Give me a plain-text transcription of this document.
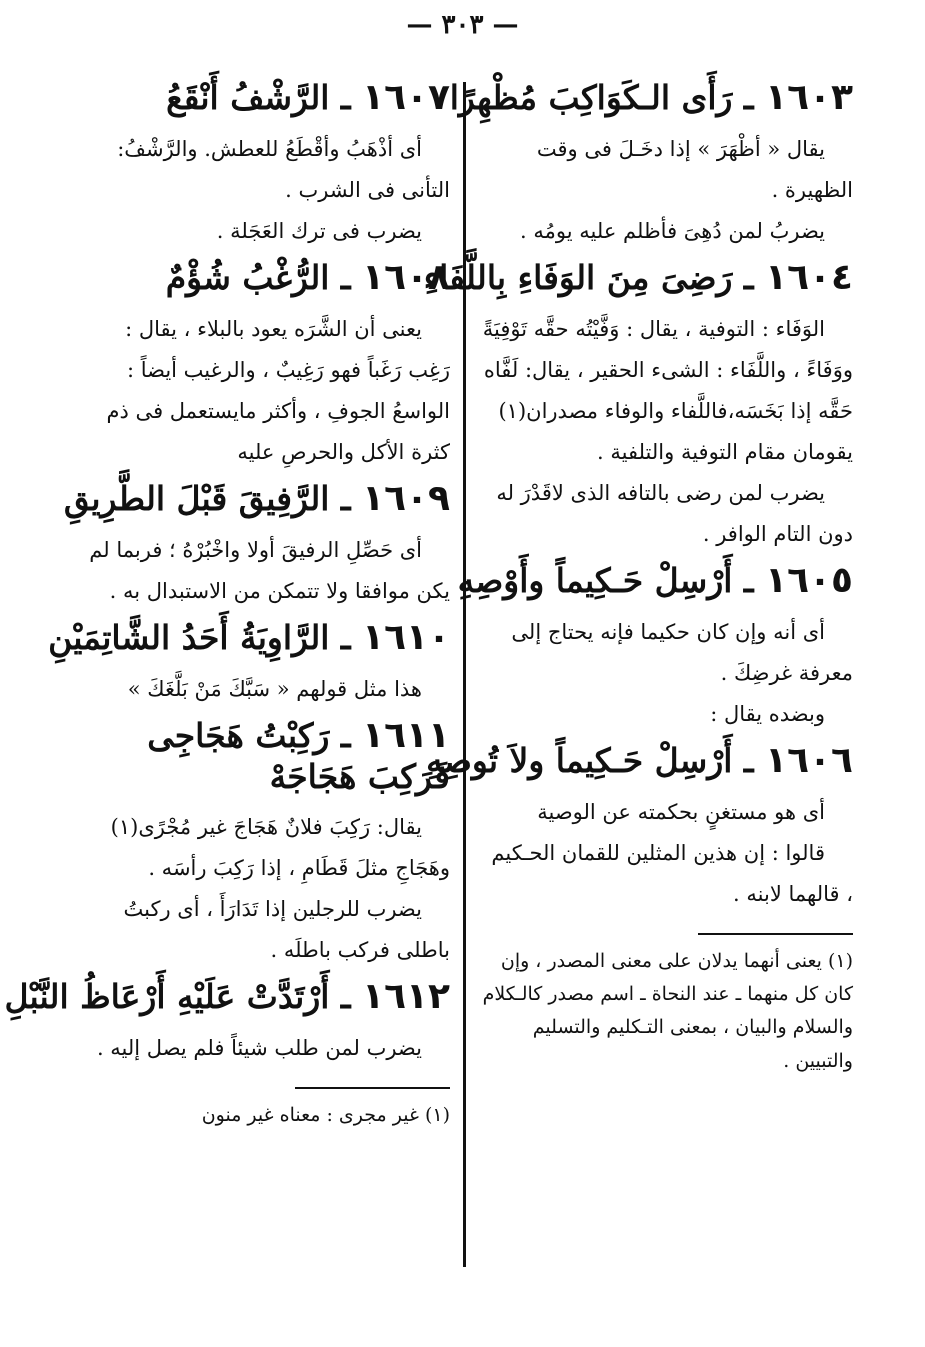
— ٣٠٣ —
١٦٠٣ ـ رَأَى الـكَوَاكِبَ مُظْهِرًا

يقال « أظْهَرَ » إذا دخَـلَ فى وقت الظهيرة .

يضربُ لمن دُهِىَ فأظلم عليه يومُه .

١٦٠٤ ـ رَضِىَ مِنَ الوَفَاءِ بِاللَّفَاءِ

الوَفَاء : التوفية ، يقال : وَفَّيْتُه حقَّه تَوْفِيَةً ووَفَاءً ، واللَّفَاء : الشىء الحقير ، يقال: لَفَّاه حَقَّه إذا بَخَسَه،فاللَّفاء والوفاء مصدران(١) يقومان مقام التوفية والتلفية .

يضرب لمن رضى بالتافه الذى لاقَدْرَ له دون التام الوافر .

١٦٠٥ ـ أَرْسِلْ حَـكِيماً وأَوْصِهِ

أى أنه وإن كان حكيما فإنه يحتاج إلى معرفة غرضِكَ .

وبضده يقال :

١٦٠٦ ـ أَرْسِلْ حَـكِيماً ولاَ تُوصِهِ

أى هو مستغنٍ بحكمته عن الوصية

قالوا : إن هذين المثلين للقمان الحـكيم ، قالهما لابنه .

(١) يعنى أنهما يدلان على معنى المصدر ، وإن كان كل منهما ـ عند النحاة ـ اسم مصدر كالـكلام والسلام والبيان ، بمعنى التـكليم والتسليم والتبيين .

١٦٠٧ ـ الرَّشْفُ أَنْقَعُ

أى أذْهَبُ وأقْطَعُ للعطش. والرَّشْفُ: التأنى فى الشرب .

يضرب فى ترك العَجَلة .

١٦٠٨ ـ الرُّغْبُ شُؤْمٌ

يعنى أن الشَّرَه يعود بالبلاء ، يقال : رَغِب رَغَباً فهو رَغِيبٌ ، والرغيب أيضاً : الواسعُ الجوفِ ، وأكثر مايستعمل فى ذم كثرة الأكل والحرصِ عليه

١٦٠٩ ـ الرَّفِيقَ قَبْلَ الطَّرِيقِ

أى حَصِّلِ الرفيقَ أولا واخْبُرْهُ ؛ فربما لم يكن موافقا ولا تتمكن من الاستبدال به .

١٦١٠ ـ الرَّاوِيَةُ أَحَدُ الشَّاتِمَيْنِ

هذا مثل قولهم « سَبَّكَ مَنْ بَلَّغَكَ »

١٦١١ ـ رَكِبْتُ هَجَاجِى فَرَكِبَ هَجَاجَهْ

يقال: رَكِبَ فلانٌ هَجَاجَ غير مُجْرًى(١) وهَجَاجِ مثلَ قَطَامِ ، إذا رَكِبَ رأسَه .

يضرب للرجلين إذا تَدَارَأَ ، أى ركبتُ باطلى فركب باطلَه .

١٦١٢ ـ أَرْتَدَّتْ عَلَيْهِ أَرْعَاظُ النَّبْلِ

يضرب لمن طلب شيئاً فلم يصل إليه .

(١) غير مجرى : معناه غير منون
